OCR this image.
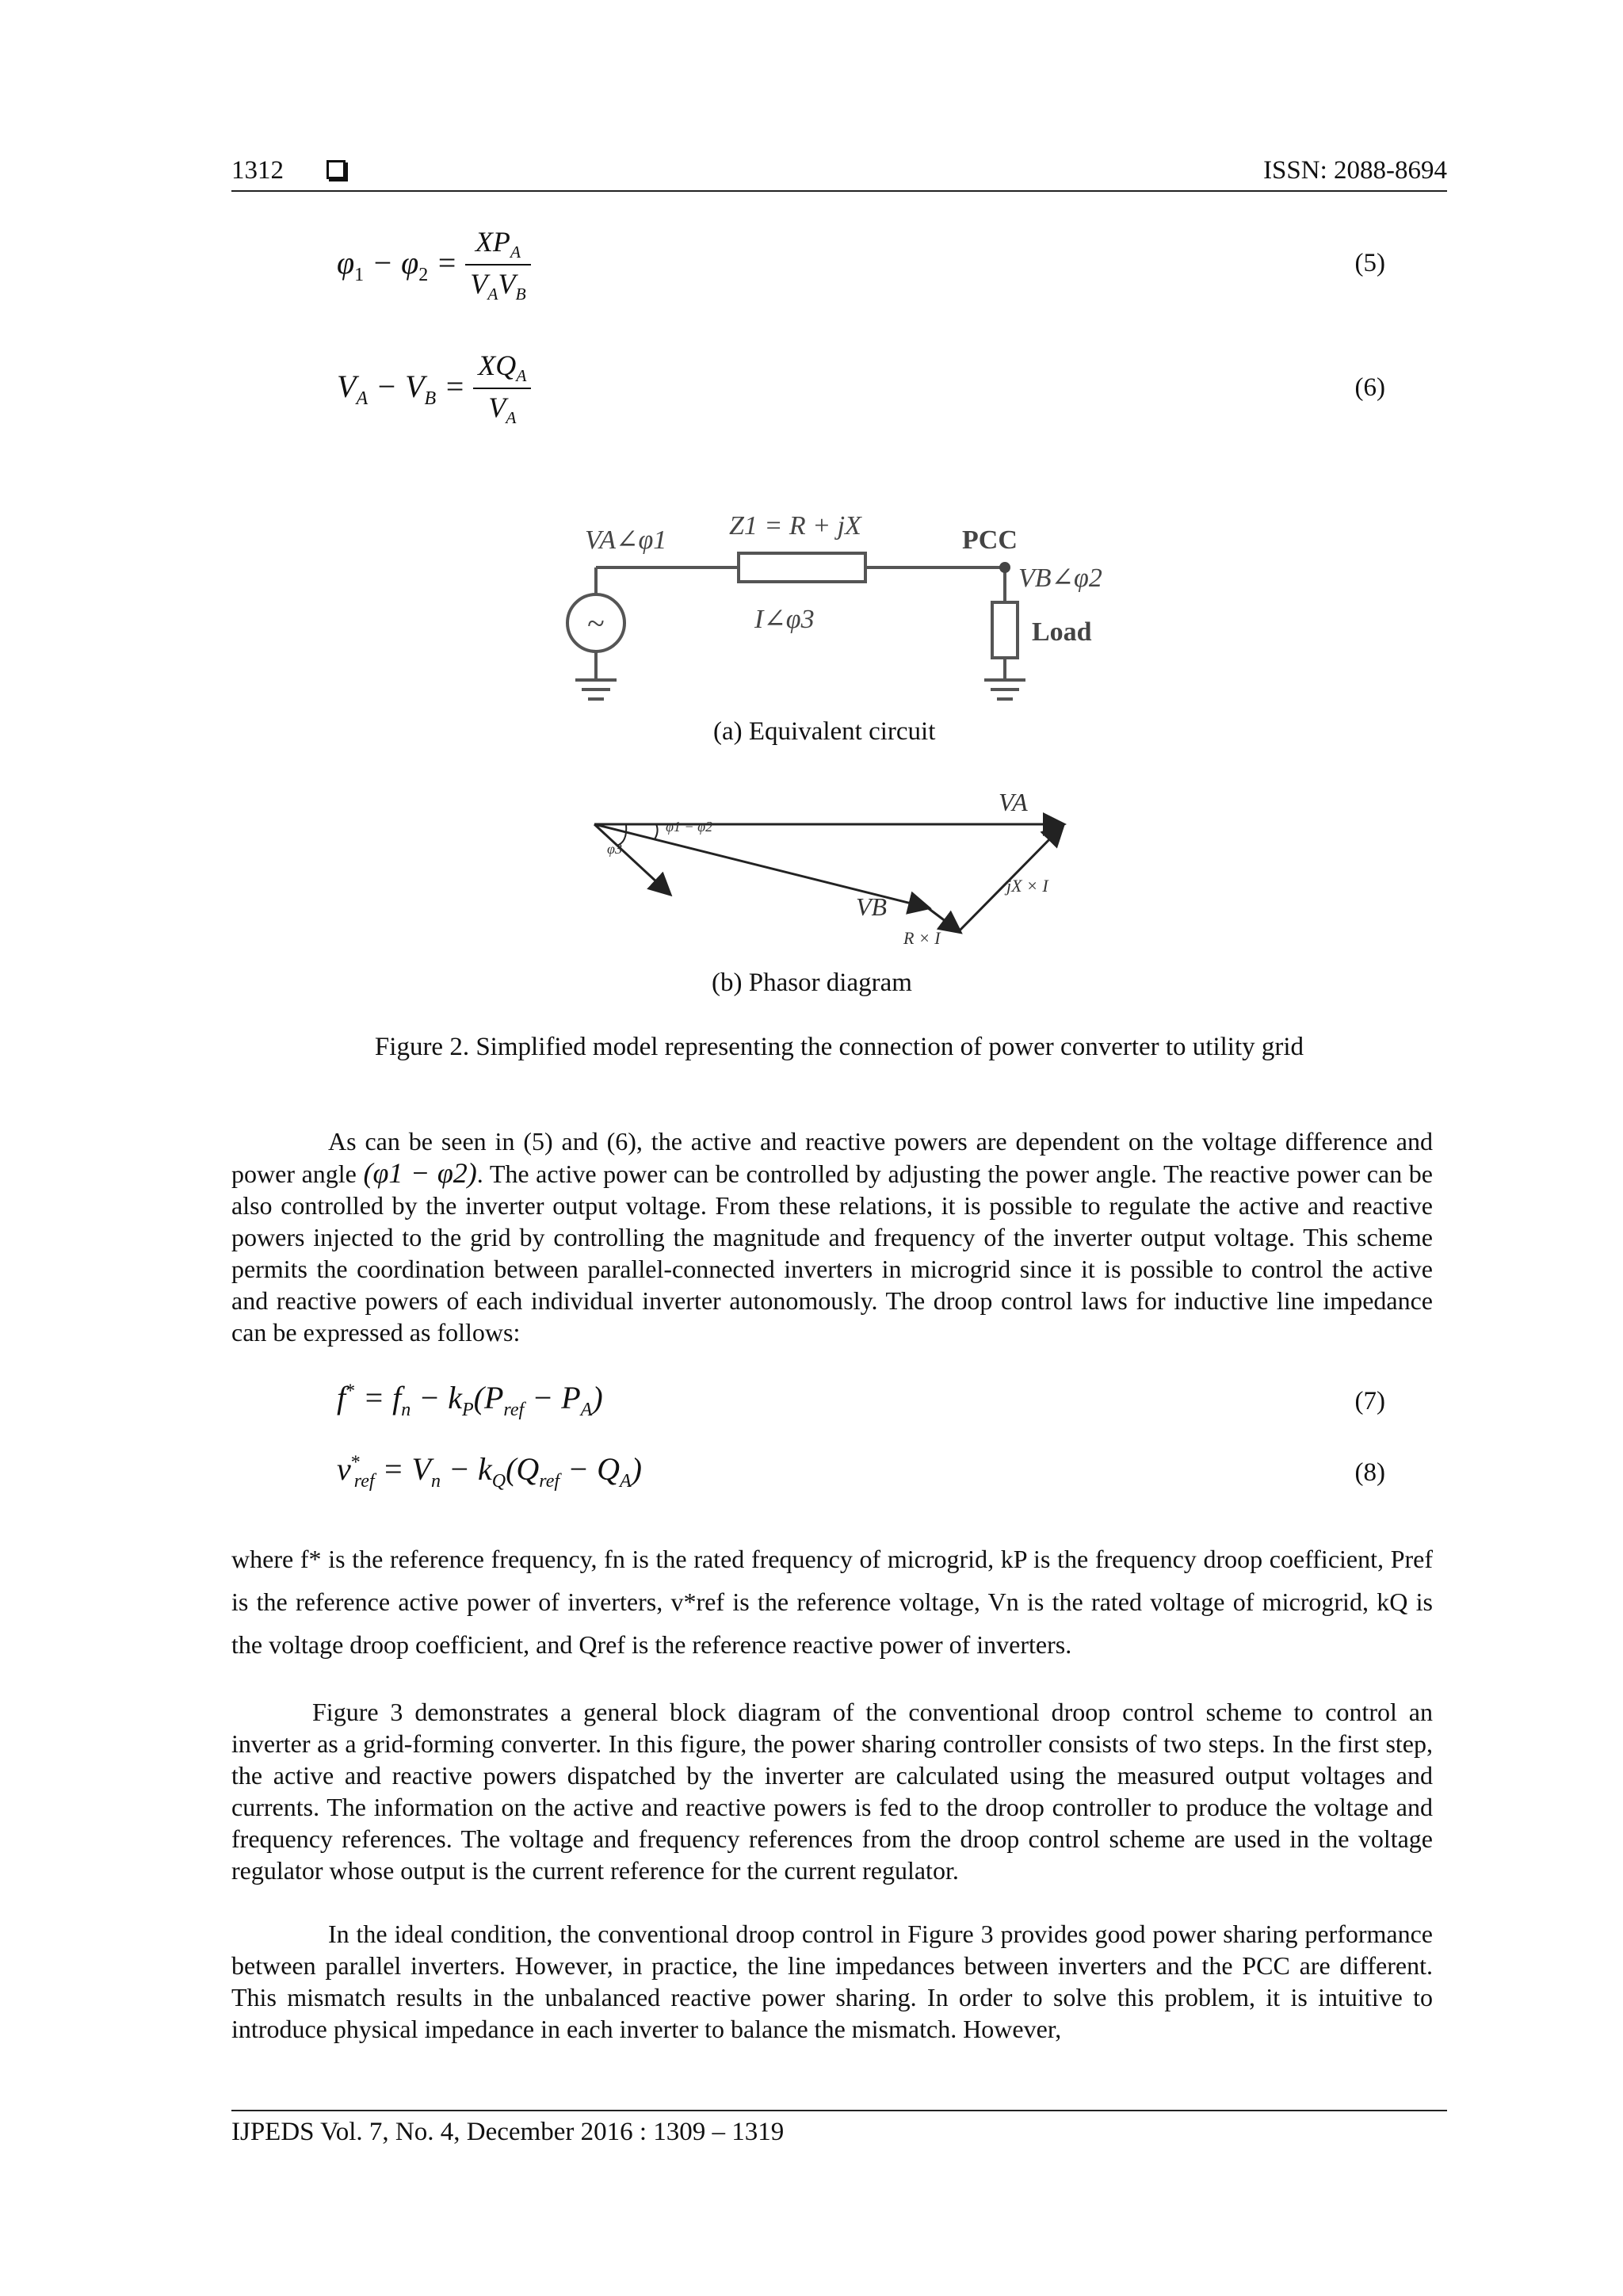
1312	ISSN: 2088-8694
$\varphi_1 - \varphi_2 = \frac{XP_A}{V_AV_B}$	(5)
$V_A - V_B = \frac{XQ_A}{V_A}$	(6)
~
VA∠φ1 Z1 = R + jX
I∠φ3
PCC
VB∠φ2
Load
(a) Equivalent circuit
VA
VB
φ1 − φ2
φ3
jX × I
R × I
(b) Phasor diagram
Figure 2. Simplified model representing the connection of power converter to utility grid
As can be seen in (5) and (6), the active and reactive powers are dependent on the voltage difference and power angle (φ1 − φ2). The active power can be controlled by adjusting the power angle. The reactive power can be also controlled by the inverter output voltage. From these relations, it is possible to regulate the active and reactive powers injected to the grid by controlling the magnitude and frequency of the inverter output voltage. This scheme permits the coordination between parallel-connected inverters in microgrid since it is possible to control the active and reactive powers of each individual inverter autonomously. The droop control laws for inductive line impedance can be expressed as follows:
$f^* = f_n - k_P(P_{ref} - P_A)$	(7)
$v^*_{ref} = V_n - k_Q(Q_{ref} - Q_A)$	(8)
where f* is the reference frequency, fn is the rated frequency of microgrid, kP is the frequency droop coefficient, Pref is the reference active power of inverters, v*ref is the reference voltage, Vn is the rated voltage of microgrid, kQ is the voltage droop coefficient, and Qref is the reference reactive power of inverters.
Figure 3 demonstrates a general block diagram of the conventional droop control scheme to control an inverter as a grid-forming converter. In this figure, the power sharing controller consists of two steps. In the first step, the active and reactive powers dispatched by the inverter are calculated using the measured output voltages and currents. The information on the active and reactive powers is fed to the droop controller to produce the voltage and frequency references. The voltage and frequency references from the droop control scheme are used in the voltage regulator whose output is the current reference for the current regulator.
In the ideal condition, the conventional droop control in Figure 3 provides good power sharing performance between parallel inverters. However, in practice, the line impedances between inverters and the PCC are different. This mismatch results in the unbalanced reactive power sharing. In order to solve this problem, it is intuitive to introduce physical impedance in each inverter to balance the mismatch. However,
IJPEDS Vol. 7, No. 4, December 2016 : 1309 – 1319
